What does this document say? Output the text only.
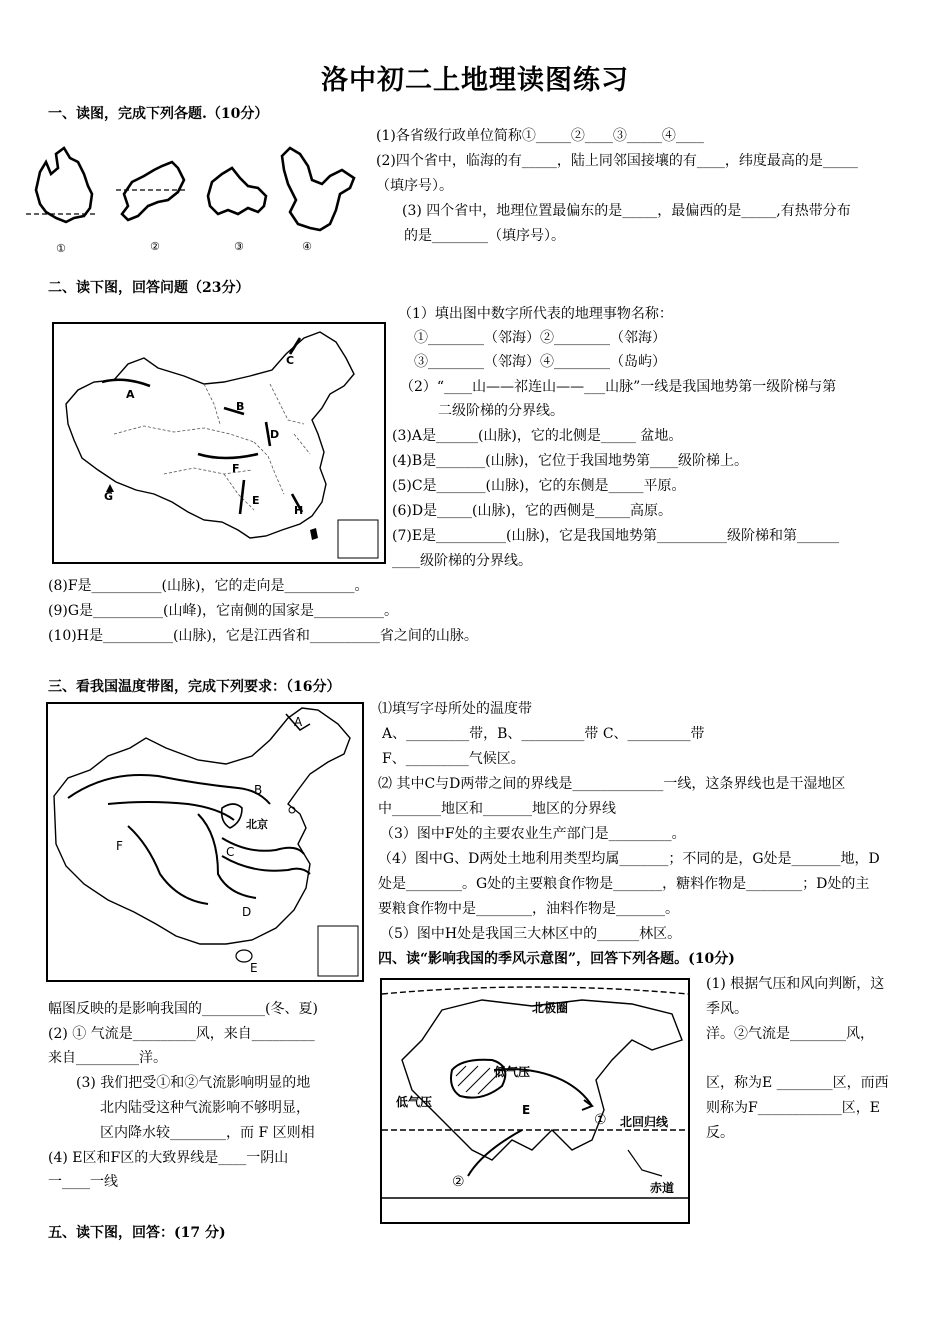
洛中初二上地理读图练习
一、读图，完成下列各题.（10分）
①	②	③	④
(1)各省级行政单位简称①_____②____③_____④____
(2)四个省中，临海的有_____，陆上同邻国接壤的有____，纬度最高的是_____
（填序号）。
(3) 四个省中，地理位置最偏东的是_____，最偏西的是_____,有热带分布
的是________（填序号）。
二、读下图，回答问题（23分）
A
B
C
D
F
E
G
H
（1）填出图中数字所代表的地理事物名称：
①________（邻海）②________（邻海）
③________（邻海）④________（岛屿）
（2）“____山——祁连山——___山脉”一线是我国地势第一级阶梯与第
二级阶梯的分界线。
(3)A是______(山脉)，它的北侧是_____ 盆地。
(4)B是_______(山脉)，它位于我国地势第____级阶梯上。
(5)C是_______(山脉)，它的东侧是_____平原。
(6)D是_____(山脉)，它的西侧是_____高原。
(7)E是__________(山脉)，它是我国地势第__________级阶梯和第______
____级阶梯的分界线。
(8)F是__________(山脉)，它的走向是__________。
(9)G是__________(山峰)，它南侧的国家是__________。
(10)H是__________(山脉)，它是江西省和__________省之间的山脉。
三、看我国温度带图，完成下列要求：（16分）
A
B
北京
C
F
D
E
⑴填写字母所处的温度带
A、_________带，B、_________带 C、_________带
F、_________气候区。
⑵ 其中C与D两带之间的界线是_____________一线，这条界线也是干湿地区
中_______地区和_______地区的分界线
（3）图中F处的主要农业生产部门是_________。
（4）图中G、D两处土地利用类型均属_______；不同的是，G处是_______地，D
处是________。G处的主要粮食作物是_______，糖料作物是________；D处的主
要粮食作物中是________，油料作物是_______。
（5）图中H处是我国三大林区中的______林区。
四、读“影响我国的季风示意图”，回答下列各题。(10分)
北极圈
低气压
低气压
E
① 北回归线
②	赤道
(1) 根据气压和风向判断，这
季风。
洋。②气流是________风，
区，称为E ________区，而西
则称为F____________区，E
反。
幅图反映的是影响我国的_________(冬、夏)
(2) ① 气流是_________风，来自_________
来自_________洋。
(3) 我们把受①和②气流影响明显的地
北内陆受这种气流影响不够明显，
区内降水较________，而 F 区则相
(4) E区和F区的大致界线是____一阴山
一____一线
五、读下图，回答：(17 分)
